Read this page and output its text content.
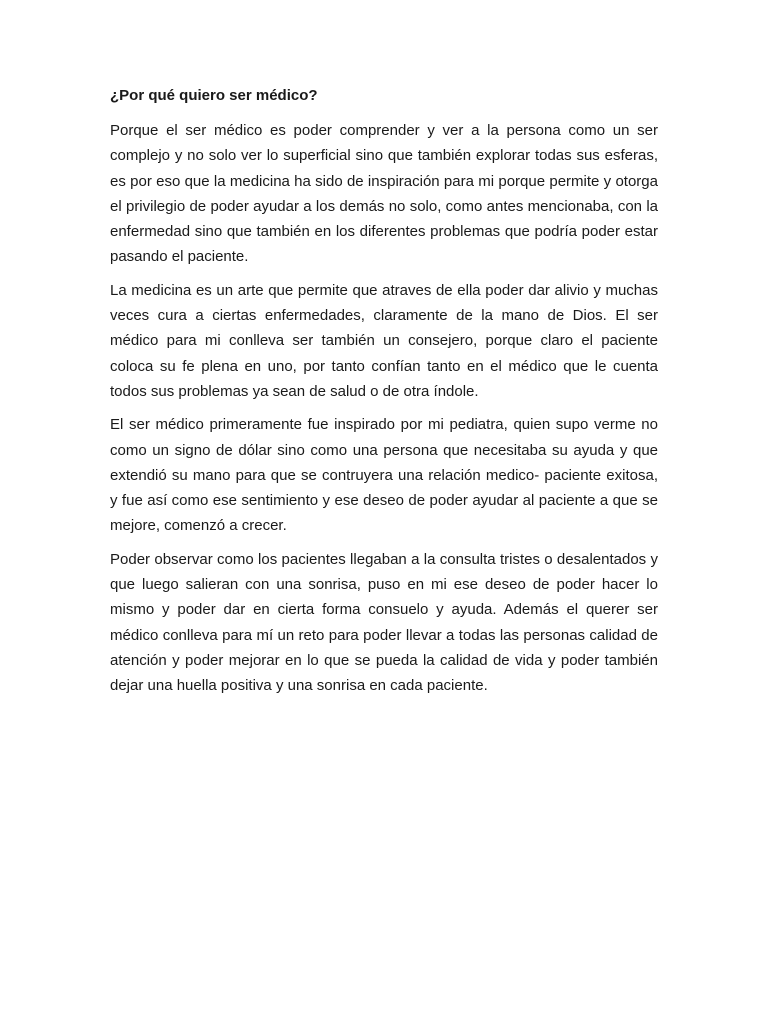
¿Por qué quiero ser médico?

Porque el ser médico es poder comprender y ver a la persona como un ser complejo y no solo ver lo superficial sino que también explorar todas sus esferas, es por eso que la medicina ha sido de inspiración para mi porque permite y otorga el privilegio de poder ayudar a los demás no solo, como antes mencionaba, con la enfermedad sino que también en los diferentes problemas que podría poder estar pasando el paciente.

La medicina es un arte que permite que atraves de ella poder dar alivio y muchas veces cura a ciertas enfermedades, claramente de la mano de Dios. El ser médico para mi conlleva ser también un consejero, porque claro el paciente coloca su fe plena en uno, por tanto confían tanto en el médico que le cuenta todos sus problemas ya sean de salud o de otra índole.

El ser médico primeramente fue inspirado por mi pediatra, quien supo verme no como un signo de dólar sino como una persona que necesitaba su ayuda y que extendió su mano para que se contruyera una relación medico- paciente exitosa, y fue así como ese sentimiento y ese deseo de poder ayudar al paciente a que se mejore, comenzó a crecer.

Poder observar como los pacientes llegaban a la consulta tristes o desalentados y que luego salieran con una sonrisa, puso en mi ese deseo de poder hacer lo mismo y poder dar en cierta forma consuelo y ayuda. Además el querer ser médico conlleva para mí un reto para poder llevar a todas las personas calidad de atención y poder mejorar en lo que se pueda la calidad de vida y poder también dejar una huella positiva y una sonrisa en cada paciente.
